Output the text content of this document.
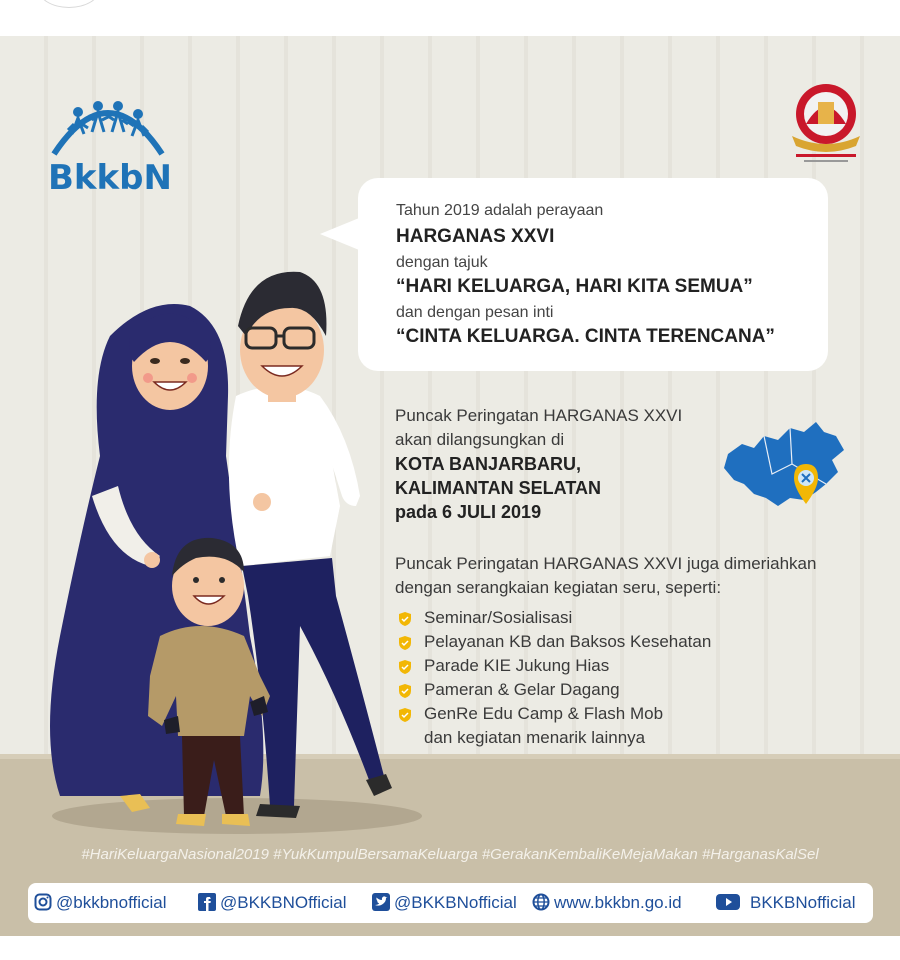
BkkbN
Tahun 2019 adalah perayaan
HARGANAS XXVI
dengan tajuk
“HARI KELUARGA, HARI KITA SEMUA”
dan dengan pesan inti
“CINTA KELUARGA. CINTA TERENCANA”
Puncak Peringatan HARGANAS XXVI
akan dilangsungkan di
KOTA BANJARBARU,
KALIMANTAN SELATAN
pada 6 JULI 2019
Puncak Peringatan HARGANAS XXVI juga dimeriahkan
dengan serangkaian kegiatan seru, seperti:
Seminar/Sosialisasi
Pelayanan KB dan Baksos Kesehatan
Parade KIE Jukung Hias
Pameran & Gelar Dagang
GenRe Edu Camp & Flash Mob
dan kegiatan menarik lainnya
#HariKeluargaNasional2019 #YukKumpulBersamaKeluarga #GerakanKembaliKeMejaMakan #HarganasKalSel
@bkkbnofficial	@BKKBNOfficial	@BKKBNofficial	www.bkkbn.go.id	BKKBNofficial
